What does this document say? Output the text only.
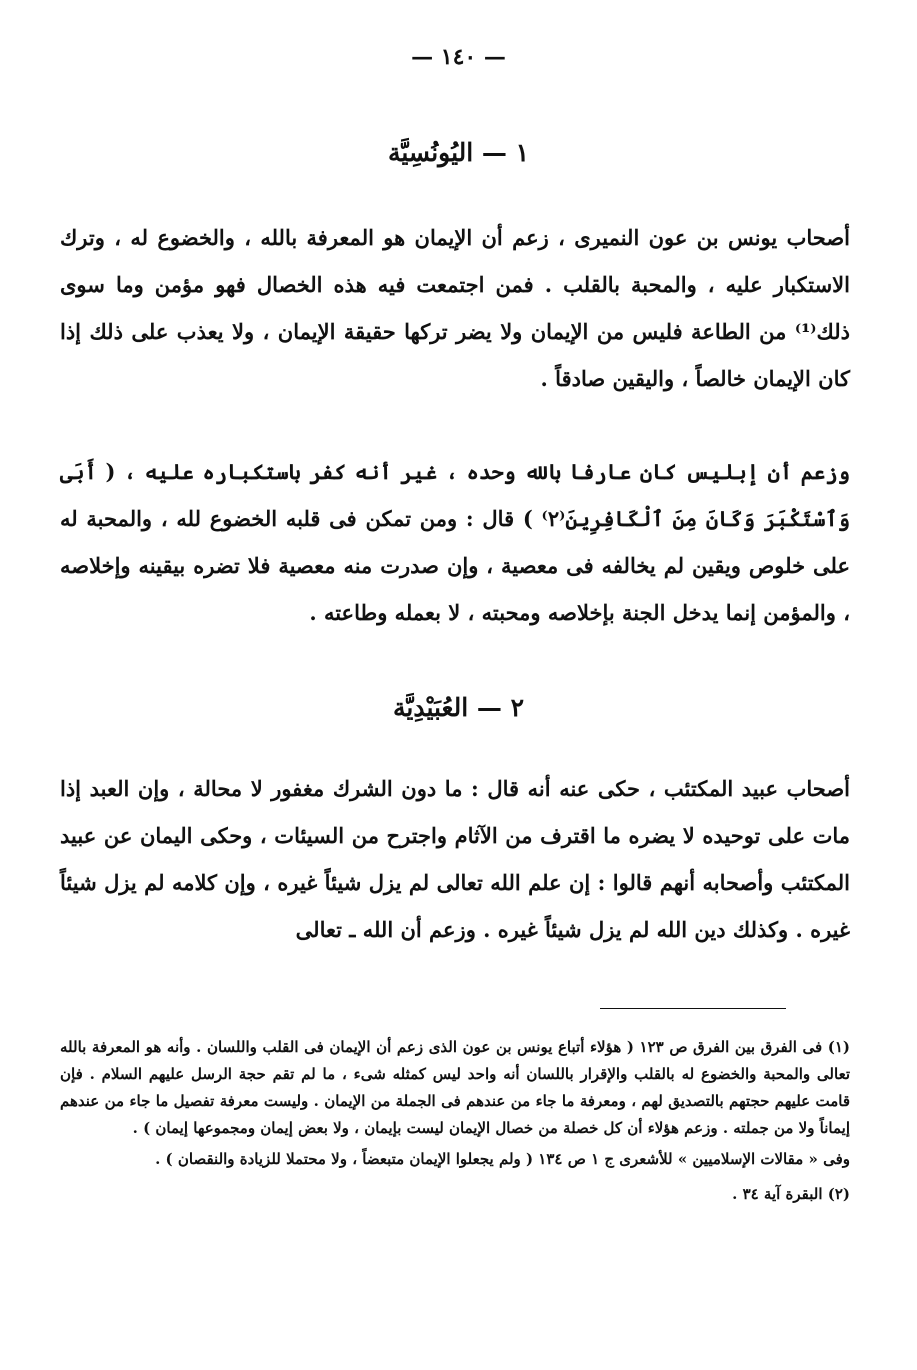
— ١٤٠ —
١ — اليُونُسِيَّة

أصحاب يونس بن عون النميرى ، زعم أن الإيمان هو المعرفة بالله ، والخضوع له ، وترك الاستكبار عليه ، والمحبة بالقلب . فمن اجتمعت فيه هذه الخصال فهو مؤمن وما سوى ذلك⁽¹⁾ من الطاعة فليس من الإيمان ولا يضر تركها حقيقة الإيمان ، ولا يعذب على ذلك إذا كان الإيمان خالصاً ، واليقين صادقاً .

وزعم أن إبليس كان عارفا بالله وحده ، غير أنه كفر باستكباره عليه ، ( أَبَى وَٱسْتَكْبَرَ وَكَانَ مِنَ ٱلْكَافِرِينَ⁽٢⁾ ) قال : ومن تمكن فى قلبه الخضوع لله ، والمحبة له على خلوص ويقين لم يخالفه فى معصية ، وإن صدرت منه معصية فلا تضره بيقينه وإخلاصه ، والمؤمن إنما يدخل الجنة بإخلاصه ومحبته ، لا بعمله وطاعته .

٢ — العُبَيْدِيَّة

أصحاب عبيد المكتئب ، حكى عنه أنه قال : ما دون الشرك مغفور لا محالة ، وإن العبد إذا مات على توحيده لا يضره ما اقترف من الآثام واجترح من السيئات ، وحكى اليمان عن عبيد المكتئب وأصحابه أنهم قالوا : إن علم الله تعالى لم يزل شيئاً غيره ، وإن كلامه لم يزل شيئاً غيره . وكذلك دين الله لم يزل شيئاً غيره . وزعم أن الله ـ تعالى

(١) فى الفرق بين الفرق ص ١٢٣ ( هؤلاء أتباع يونس بن عون الذى زعم أن الإيمان فى القلب واللسان . وأنه هو المعرفة بالله تعالى والمحبة والخضوع له بالقلب والإقرار باللسان أنه واحد ليس كمثله شىء ، ما لم تقم حجة الرسل عليهم السلام . فإن قامت عليهم حجتهم بالتصديق لهم ، ومعرفة ما جاء من عندهم فى الجملة من الإيمان . وليست معرفة تفصيل ما جاء من عندهم إيماناً ولا من جملته . وزعم هؤلاء أن كل خصلة من خصال الإيمان ليست بإيمان ، ولا بعض إيمان ومجموعها إيمان ) .

وفى « مقالات الإسلاميين » للأشعرى ج ١ ص ١٣٤ ( ولم يجعلوا الإيمان متبعضاً ، ولا محتملا للزيادة والنقصان ) .

(٢) البقرة آية ٣٤ .
